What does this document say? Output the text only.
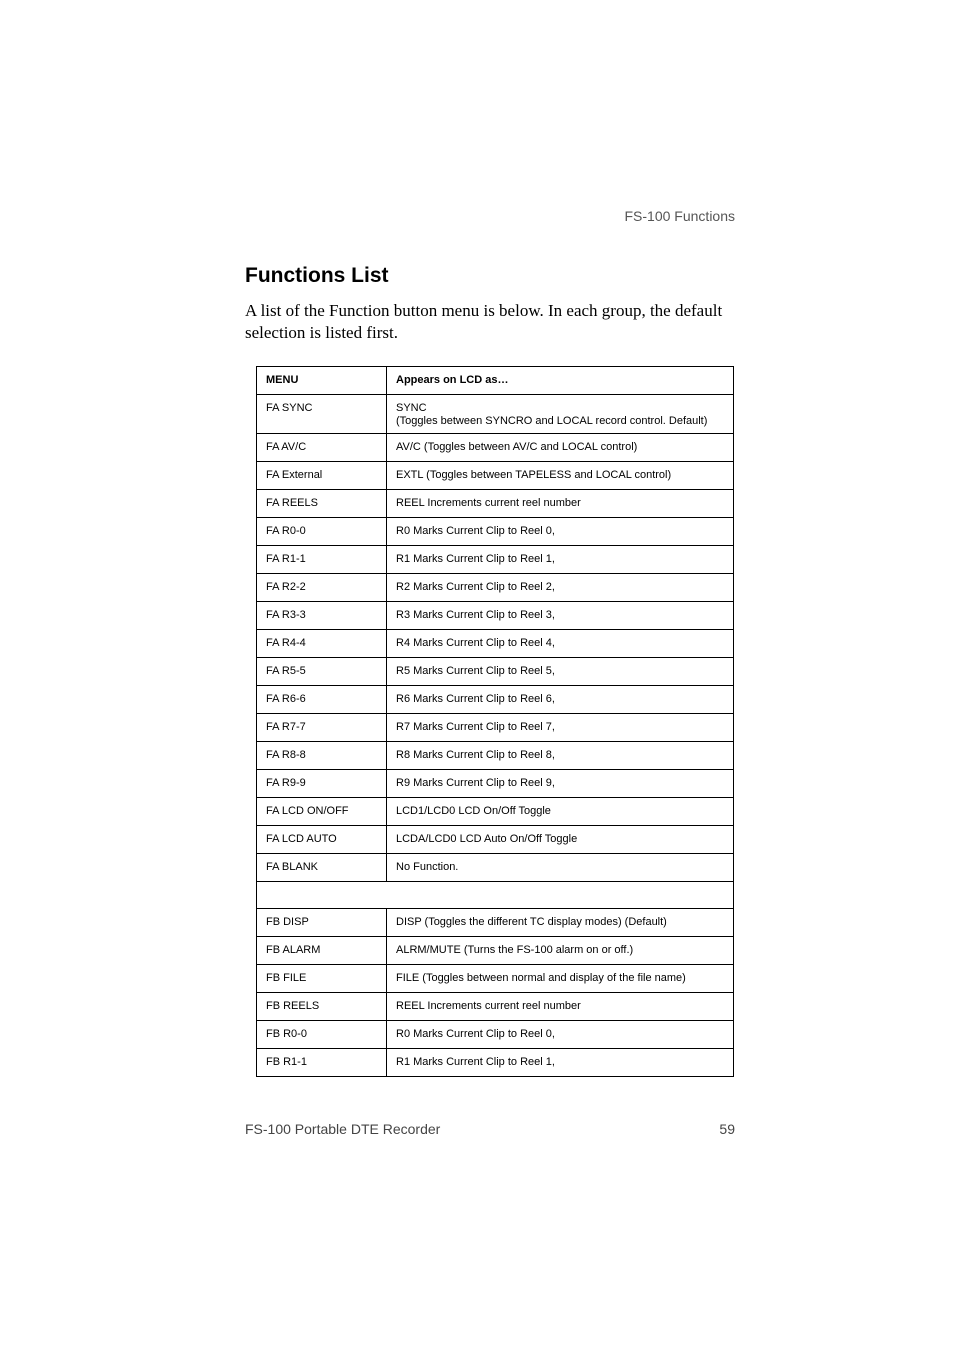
FS-100 Functions
Functions List

A list of the Function button menu is below. In each group, the default selection is listed first.

MENU	Appears on LCD as…
FA SYNC	SYNC
(Toggles between SYNCRO and LOCAL record control. Default)

FA AV/C	AV/C (Toggles between AV/C and LOCAL control)
FA External	EXTL (Toggles between TAPELESS and LOCAL control)
FA REELS	REEL Increments current reel number
FA R0-0	R0 Marks Current Clip to Reel 0,
FA R1-1	R1 Marks Current Clip to Reel 1,
FA R2-2	R2 Marks Current Clip to Reel 2,
FA R3-3	R3 Marks Current Clip to Reel 3,
FA R4-4	R4 Marks Current Clip to Reel 4,
FA R5-5	R5 Marks Current Clip to Reel 5,
FA R6-6	R6 Marks Current Clip to Reel 6,
FA R7-7	R7 Marks Current Clip to Reel 7,
FA R8-8	R8 Marks Current Clip to Reel 8,
FA R9-9	R9 Marks Current Clip to Reel 9,
FA LCD ON/OFF	LCD1/LCD0 LCD On/Off Toggle
FA LCD AUTO	LCDA/LCD0 LCD Auto On/Off Toggle
FA BLANK	No Function.

FB DISP	DISP (Toggles the different TC display modes) (Default)
FB ALARM	ALRM/MUTE (Turns the FS-100 alarm on or off.)
FB FILE	FILE (Toggles between normal and display of the file name)
FB REELS	REEL Increments current reel number
FB R0-0	R0 Marks Current Clip to Reel 0,
FB R1-1	R1 Marks Current Clip to Reel 1,
FS-100 Portable DTE Recorder	59
